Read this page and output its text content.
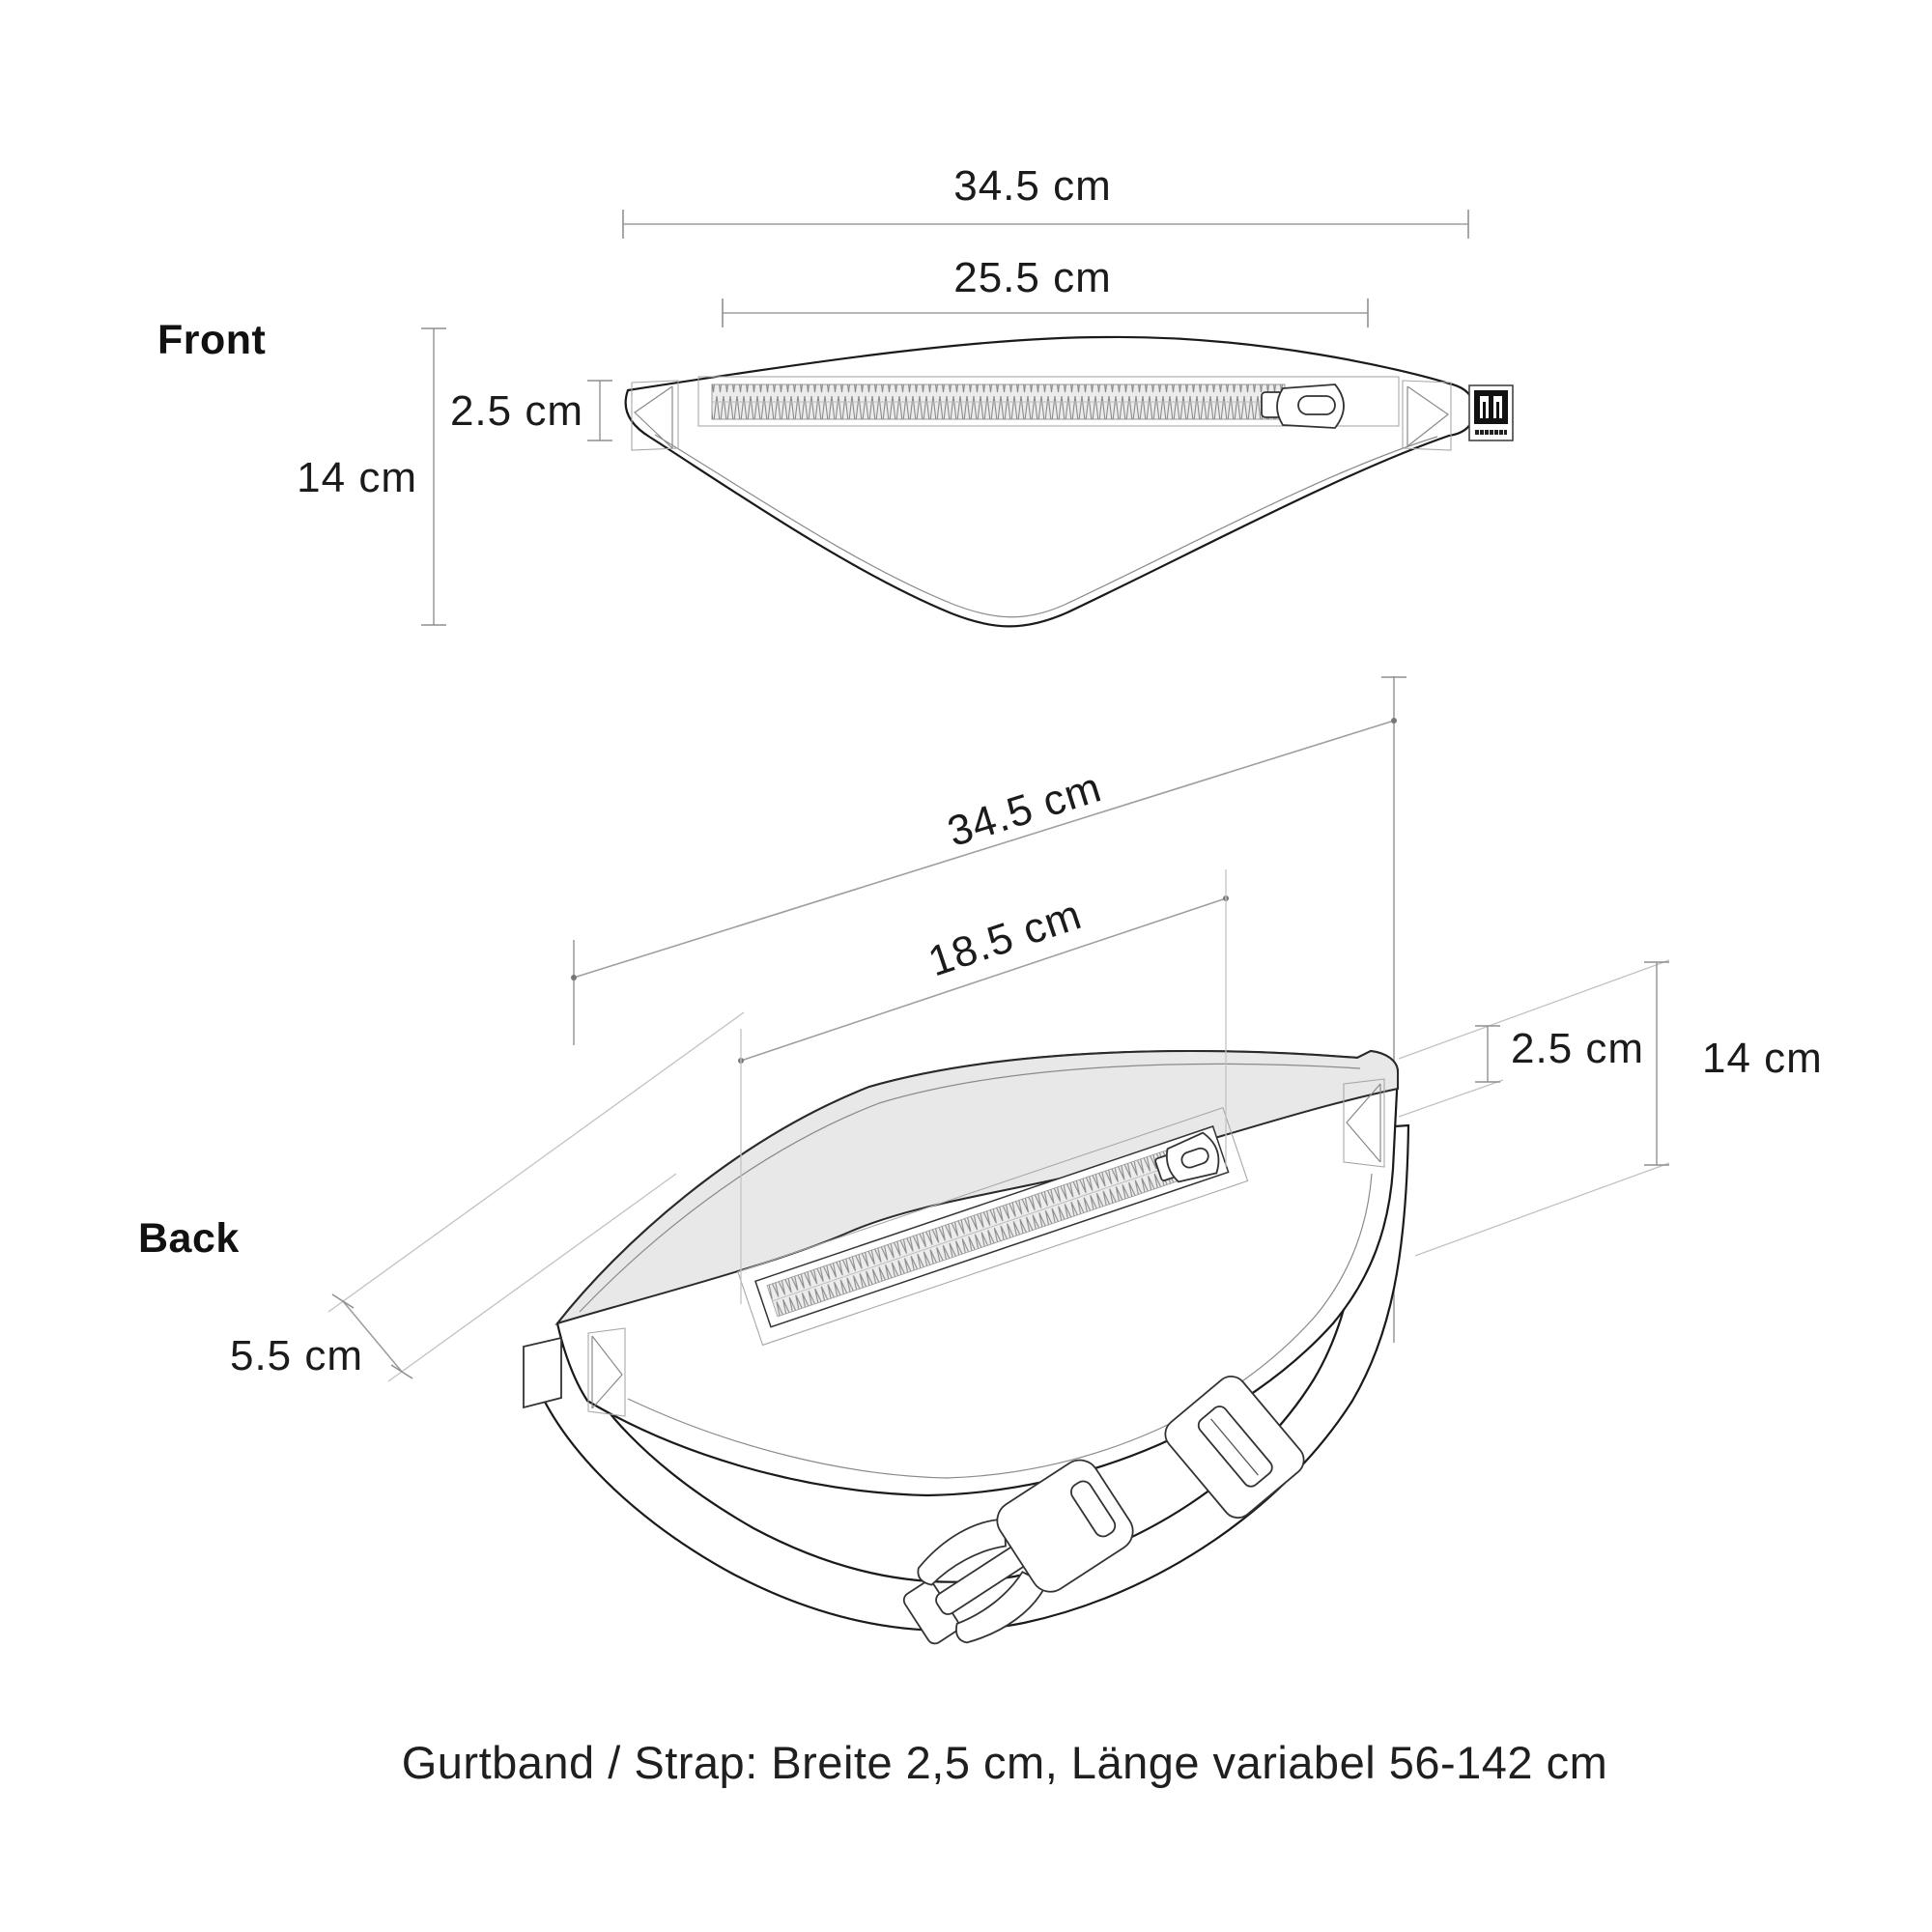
Front
34.5 cm
25.5 cm
14 cm
2.5 cm
Back
5.5 cm
34.5 cm
18.5 cm
2.5 cm 14 cm
Gurtband / Strap: Breite 2,5 cm, Länge variabel 56-142 cm
